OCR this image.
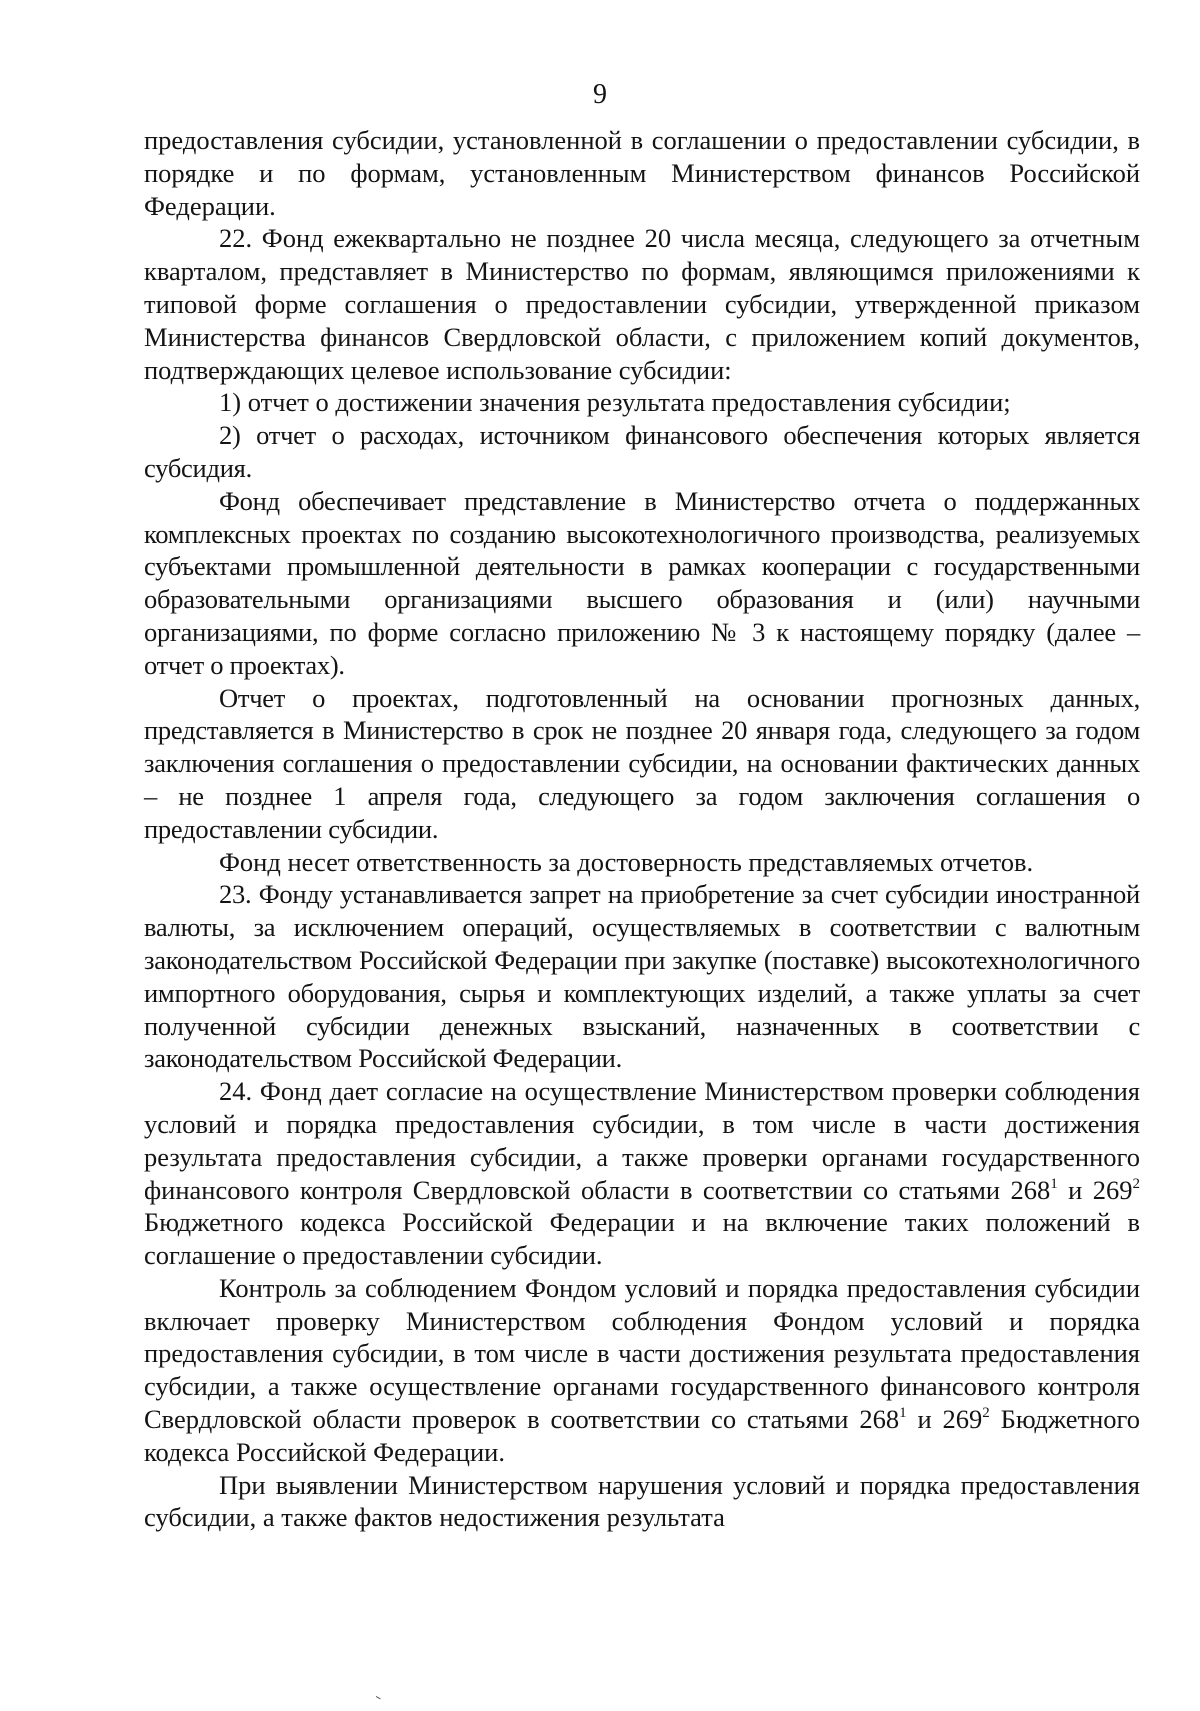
9

предоставления субсидии, установленной в соглашении о предоставлении субсидии, в порядке и по формам, установленным Министерством финансов Российской Федерации.

22. Фонд ежеквартально не позднее 20 числа месяца, следующего за отчетным кварталом, представляет в Министерство по формам, являющимся приложениями к типовой форме соглашения о предоставлении субсидии, утвержденной приказом Министерства финансов Свердловской области, с приложением копий документов, подтверждающих целевое использование субсидии:

1) отчет о достижении значения результата предоставления субсидии;

2) отчет о расходах, источником финансового обеспечения которых является субсидия.

Фонд обеспечивает представление в Министерство отчета о поддержанных комплексных проектах по созданию высокотехнологичного производства, реализуемых субъектами промышленной деятельности в рамках кооперации с государственными образовательными организациями высшего образования и (или) научными организациями, по форме согласно приложению № 3 к настоящему порядку (далее – отчет о проектах).

Отчет о проектах, подготовленный на основании прогнозных данных, представляется в Министерство в срок не позднее 20 января года, следующего за годом заключения соглашения о предоставлении субсидии, на основании фактических данных – не позднее 1 апреля года, следующего за годом заключения соглашения о предоставлении субсидии.

Фонд несет ответственность за достоверность представляемых отчетов.

23. Фонду устанавливается запрет на приобретение за счет субсидии иностранной валюты, за исключением операций, осуществляемых в соответствии с валютным законодательством Российской Федерации при закупке (поставке) высокотехнологичного импортного оборудования, сырья и комплектующих изделий, а также уплаты за счет полученной субсидии денежных взысканий, назначенных в соответствии с законодательством Российской Федерации.

24. Фонд дает согласие на осуществление Министерством проверки соблюдения условий и порядка предоставления субсидии, в том числе в части достижения результата предоставления субсидии, а также проверки органами государственного финансового контроля Свердловской области в соответствии со статьями $268^1$ и $269^2$ Бюджетного кодекса Российской Федерации и на включение таких положений в соглашение о предоставлении субсидии.

Контроль за соблюдением Фондом условий и порядка предоставления субсидии включает проверку Министерством соблюдения Фондом условий и порядка предоставления субсидии, в том числе в части достижения результата предоставления субсидии, а также осуществление органами государственного финансового контроля Свердловской области проверок в соответствии со статьями $268^1$ и $269^2$ Бюджетного кодекса Российской Федерации.

При выявлении Министерством нарушения условий и порядка предоставления субсидии, а также фактов недостижения результата
